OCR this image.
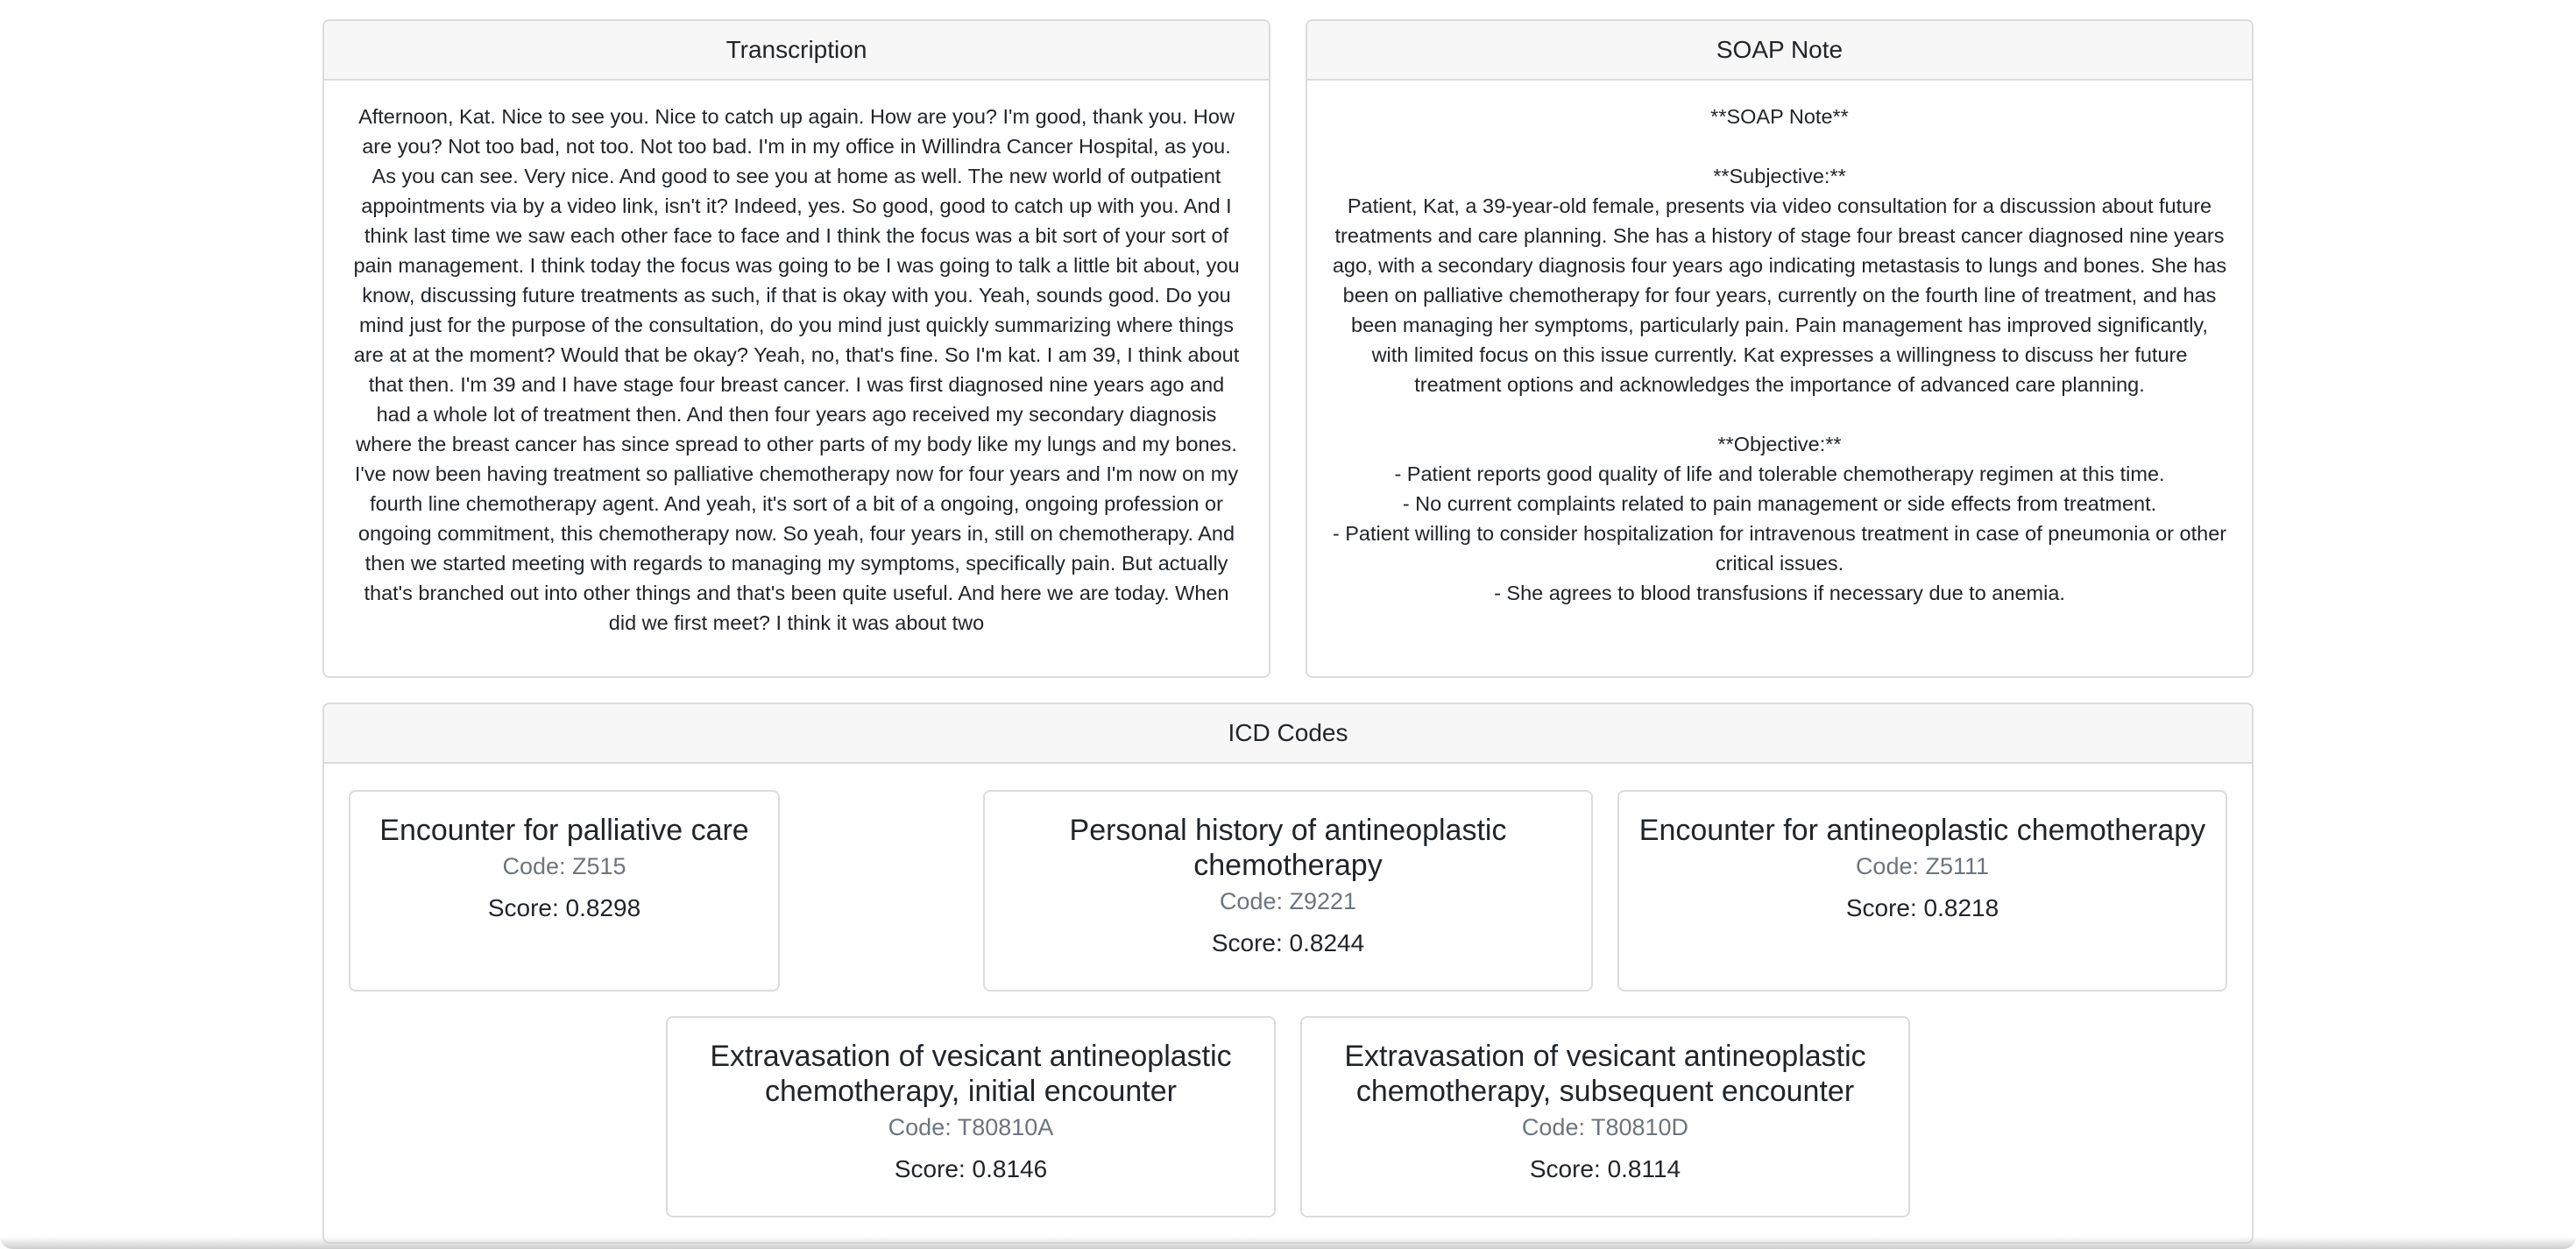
Transcription
Afternoon, Kat. Nice to see you. Nice to catch up again. How are you? I'm good, thank you. How are you? Not too bad, not too. Not too bad. I'm in my office in Willindra Cancer Hospital, as you. As you can see. Very nice. And good to see you at home as well. The new world of outpatient appointments via by a video link, isn't it? Indeed, yes. So good, good to catch up with you. And I think last time we saw each other face to face and I think the focus was a bit sort of your sort of pain management. I think today the focus was going to be I was going to talk a little bit about, you know, discussing future treatments as such, if that is okay with you. Yeah, sounds good. Do you mind just for the purpose of the consultation, do you mind just quickly summarizing where things are at at the moment? Would that be okay? Yeah, no, that's fine. So I'm kat. I am 39, I think about that then. I'm 39 and I have stage four breast cancer. I was first diagnosed nine years ago and had a whole lot of treatment then. And then four years ago received my secondary diagnosis where the breast cancer has since spread to other parts of my body like my lungs and my bones. I've now been having treatment so palliative chemotherapy now for four years and I'm now on my fourth line chemotherapy agent. And yeah, it's sort of a bit of a ongoing, ongoing profession or ongoing commitment, this chemotherapy now. So yeah, four years in, still on chemotherapy. And then we started meeting with regards to managing my symptoms, specifically pain. But actually that's branched out into other things and that's been quite useful. And here we are today. When did we first meet? I think it was about two
SOAP Note
**SOAP Note**

**Subjective:**
Patient, Kat, a 39-year-old female, presents via video consultation for a discussion about future treatments and care planning. She has a history of stage four breast cancer diagnosed nine years ago, with a secondary diagnosis four years ago indicating metastasis to lungs and bones. She has been on palliative chemotherapy for four years, currently on the fourth line of treatment, and has been managing her symptoms, particularly pain. Pain management has improved significantly, with limited focus on this issue currently. Kat expresses a willingness to discuss her future treatment options and acknowledges the importance of advanced care planning.

**Objective:**
- Patient reports good quality of life and tolerable chemotherapy regimen at this time.
- No current complaints related to pain management or side effects from treatment.
- Patient willing to consider hospitalization for intravenous treatment in case of pneumonia or other critical issues.
- She agrees to blood transfusions if necessary due to anemia.
ICD Codes
Encounter for palliative care
Code: Z515
Score: 0.8298
Personal history of antineoplastic chemotherapy
Code: Z9221
Score: 0.8244
Encounter for antineoplastic chemotherapy
Code: Z5111
Score: 0.8218
Extravasation of vesicant antineoplastic chemotherapy, initial encounter
Code: T80810A
Score: 0.8146
Extravasation of vesicant antineoplastic chemotherapy, subsequent encounter
Code: T80810D
Score: 0.8114
